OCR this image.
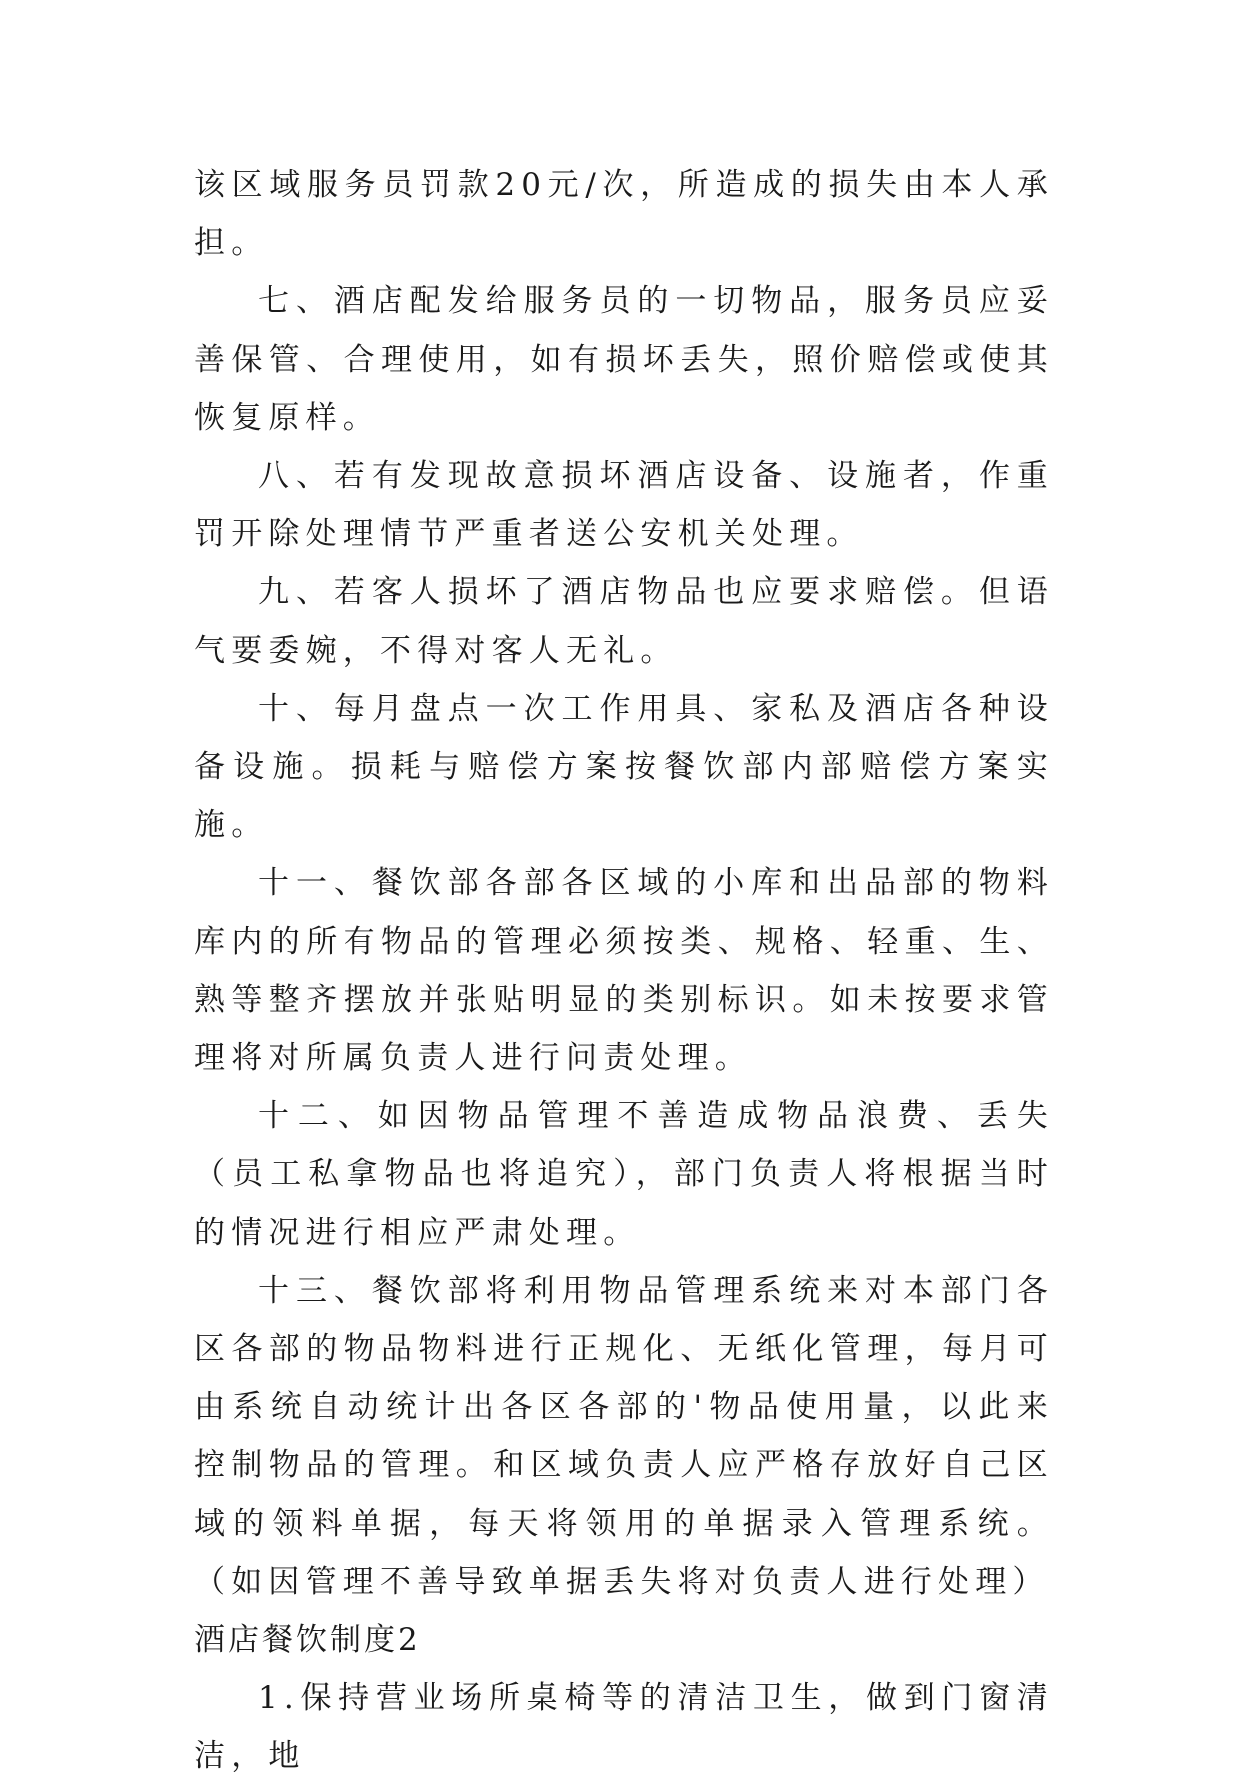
该区域服务员罚款20元/次，所造成的损失由本人承担。

七、酒店配发给服务员的一切物品，服务员应妥善保管、合理使用，如有损坏丢失，照价赔偿或使其恢复原样。

八、若有发现故意损坏酒店设备、设施者，作重罚开除处理情节严重者送公安机关处理。

九、若客人损坏了酒店物品也应要求赔偿。但语气要委婉，不得对客人无礼。

十、每月盘点一次工作用具、家私及酒店各种设备设施。损耗与赔偿方案按餐饮部内部赔偿方案实施。

十一、餐饮部各部各区域的小库和出品部的物料库内的所有物品的管理必须按类、规格、轻重、生、熟等整齐摆放并张贴明显的类别标识。如未按要求管理将对所属负责人进行问责处理。

十二、如因物品管理不善造成物品浪费、丢失（员工私拿物品也将追究），部门负责人将根据当时的情况进行相应严肃处理。

十三、餐饮部将利用物品管理系统来对本部门各区各部的物品物料进行正规化、无纸化管理，每月可由系统自动统计出各区各部的'物品使用量，以此来控制物品的管理。和区域负责人应严格存放好自己区域的领料单据，每天将领用的单据录入管理系统。（如因管理不善导致单据丢失将对负责人进行处理）

酒店餐饮制度2

1.保持营业场所桌椅等的清洁卫生，做到门窗清洁，地
